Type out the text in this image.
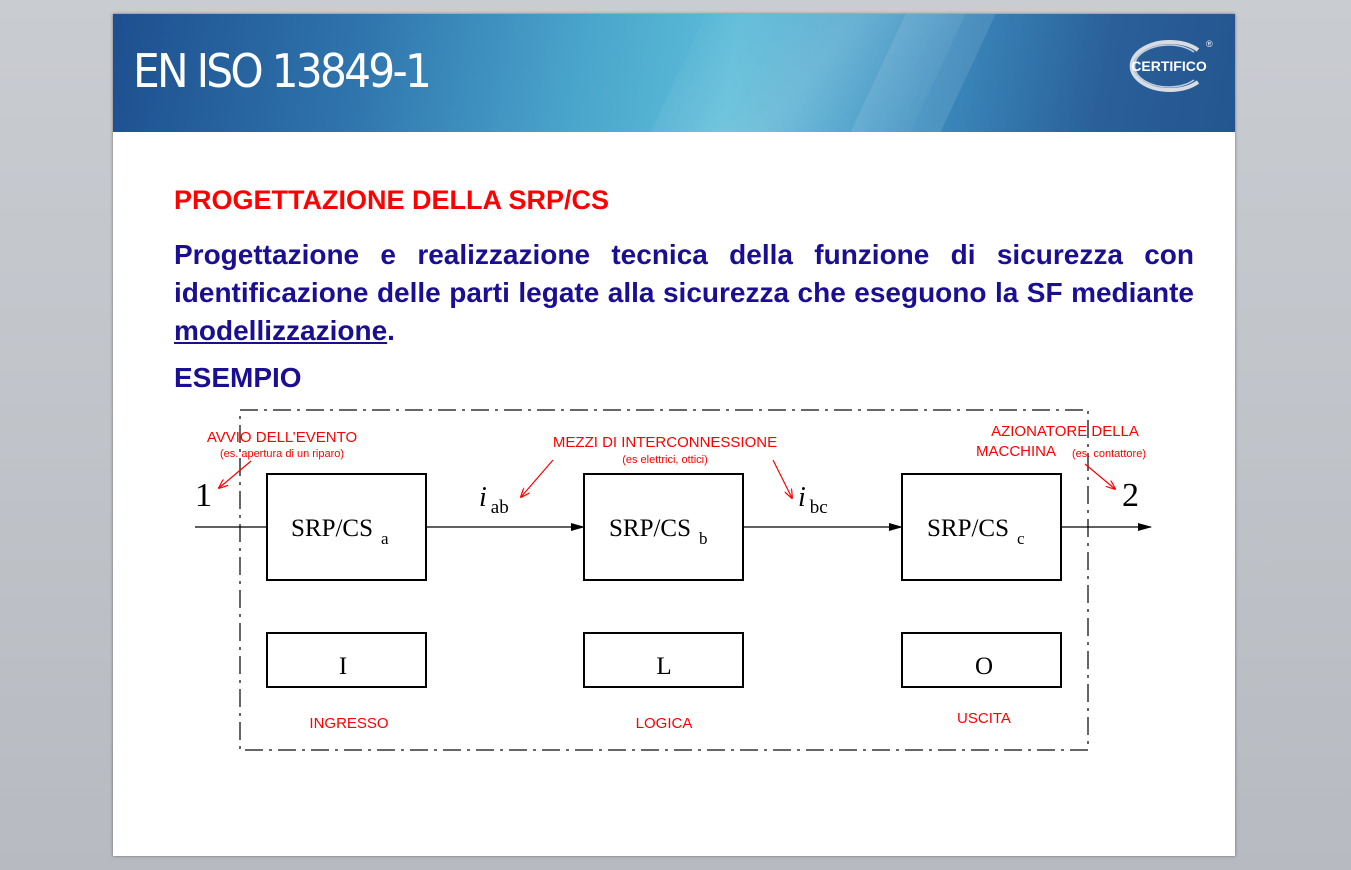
EN ISO 13849-1	CERTIFICO
®
PROGETTAZIONE DELLA SRP/CS

Progettazione e realizzazione tecnica della funzione di sicurezza con identificazione delle parti legate alla sicurezza che eseguono la SF mediante modellizzazione.

ESEMPIO
SRP/CS $_a$	SRP/CS $_b$	SRP/CS $_c$
I	L	O
INGRESSO	LOGICA	USCITA
1	2
i $_{ab}$	i $_{bc}$
AVVIO DELL’EVENTO
(es. apertura di un riparo)
MEZZI DI INTERCONNESSIONE
(es elettrici, ottici)
AZIONATORE DELLA
MACCHINA (es. contattore)
